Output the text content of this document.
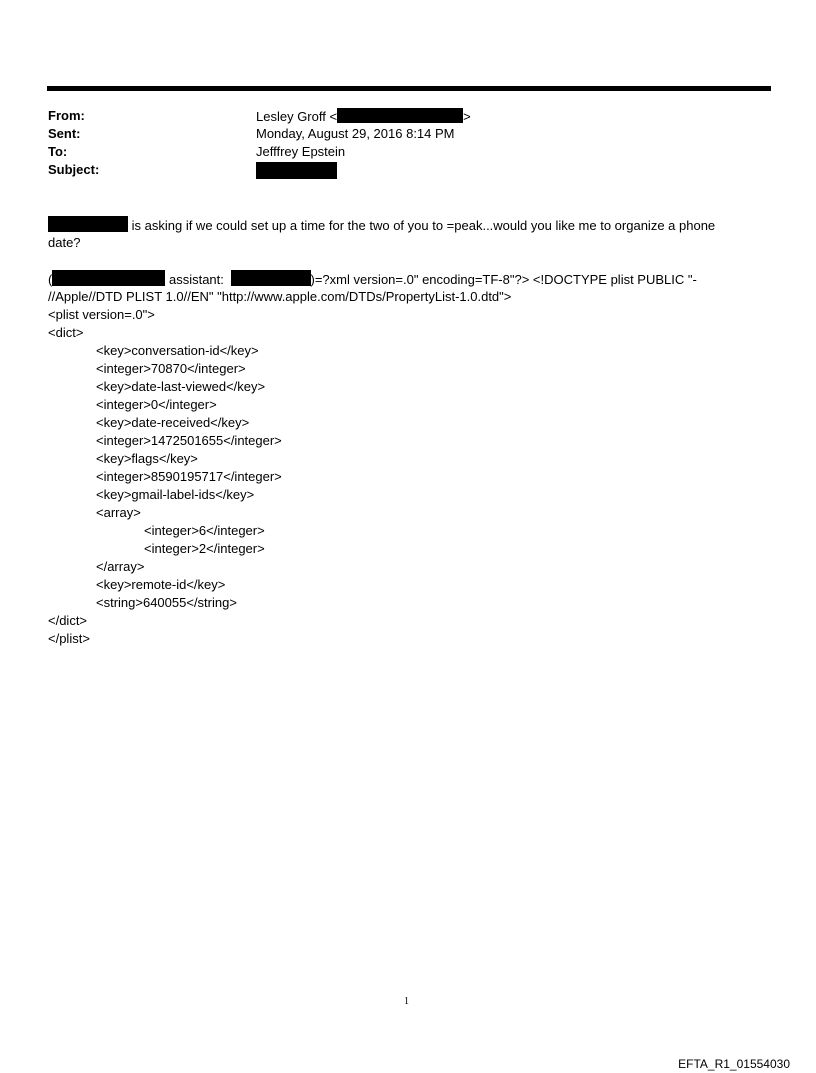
From:	Lesley Groff <	>
Sent:	Monday, August 29, 2016 8:14 PM
To:	Jefffrey Epstein
Subject:
is asking if we could set up a time for the two of you to =peak...would you like me to organize a phone
date?
(	assistant:	)=?xml version=.0" encoding=TF-8"?> <!DOCTYPE plist PUBLIC "-
//Apple//DTD PLIST 1.0//EN" "http://www.apple.com/DTDs/PropertyList-1.0.dtd">
<plist version=.0">
<dict>
<key>conversation-id</key>
<integer>70870</integer>
<key>date-last-viewed</key>
<integer>0</integer>
<key>date-received</key>
<integer>1472501655</integer>
<key>flags</key>
<integer>8590195717</integer>
<key>gmail-label-ids</key>
<array>
<integer>6</integer>
<integer>2</integer>
</array>
<key>remote-id</key>
<string>640055</string>
</dict>
</plist>
1
EFTA_R1_01554030
